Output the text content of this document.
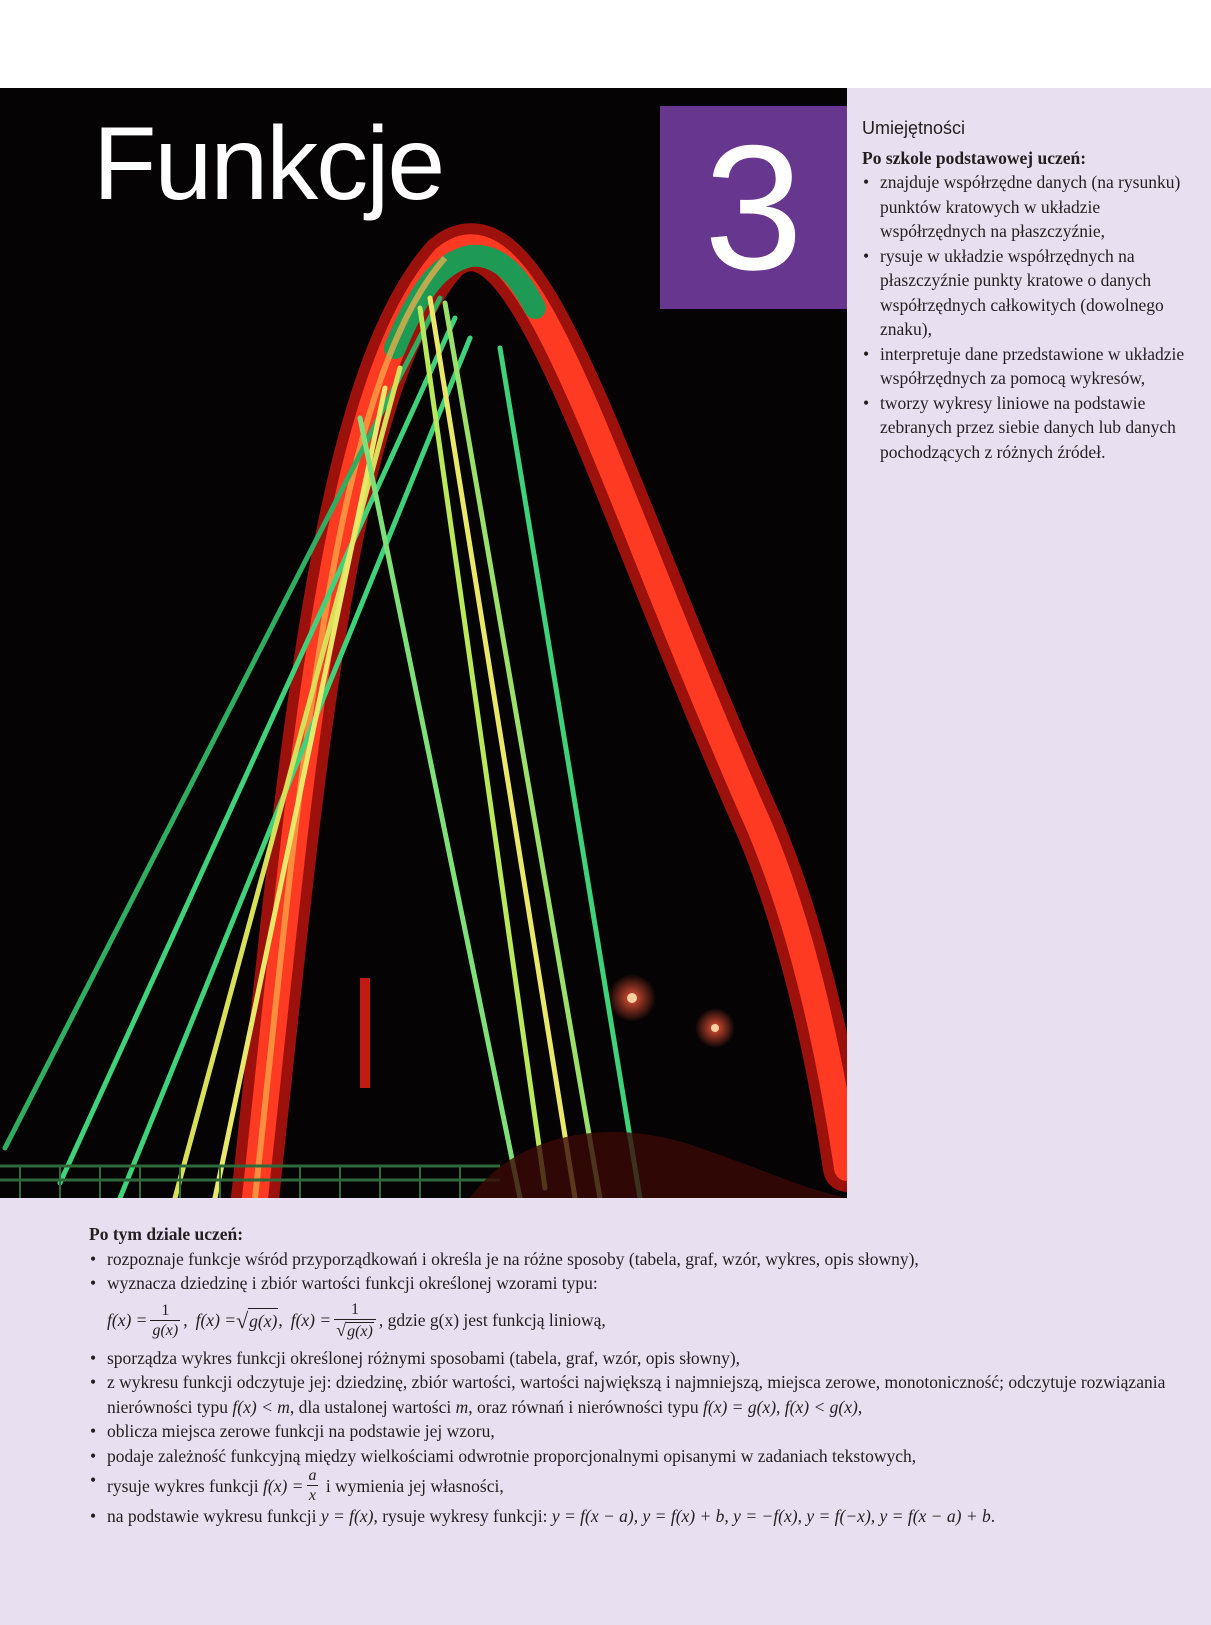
Funkcje 3	Umiejętności

Po szkole podstawowej uczeń:

• znajduje współrzędne danych (na rysunku) punktów kratowych w układzie współrzędnych na płaszczyźnie,
• rysuje w układzie współrzędnych na płaszczyźnie punkty kratowe o danych współrzędnych całkowitych (dowolnego znaku),
• interpretuje dane przedstawione w układzie współrzędnych za pomocą wykresów,
• tworzy wykresy liniowe na podstawie zebranych przez siebie danych lub danych pochodzących z różnych źródeł.

Po tym dziale uczeń:

• rozpoznaje funkcje wśród przyporządkowań i określa je na różne sposoby (tabela, graf, wzór, wykres, opis słowny),
• wyznacza dziedzinę i zbiór wartości funkcji określonej wzorami typu:
$f(x) = \frac{1}{g(x)}$ , f(x) = √ g(x) , $f(x) = \frac{1}{√g(x)}$ , gdzie g(x) jest funkcją liniową,
• sporządza wykres funkcji określonej różnymi sposobami (tabela, graf, wzór, opis słowny),
• z wykresu funkcji odczytuje jej: dziedzinę, zbiór wartości, wartości największą i najmniejszą, miejsca zerowe, monotoniczność; odczytuje rozwiązania nierówności typu f(x) < m, dla ustalonej wartości m, oraz równań i nierówności typu f(x) = g(x), f(x) < g(x),
• oblicza miejsca zerowe funkcji na podstawie jej wzoru,
• podaje zależność funkcyjną między wielkościami odwrotnie proporcjonalnymi opisanymi w zadaniach tekstowych,
• rysuje wykres funkcji $f(x) = \frac{a}{x}$ i wymienia jej własności,
• na podstawie wykresu funkcji y = f(x), rysuje wykresy funkcji: y = f(x − a), y = f(x) + b, y = −f(x), y = f(−x), y = f(x − a) + b.
